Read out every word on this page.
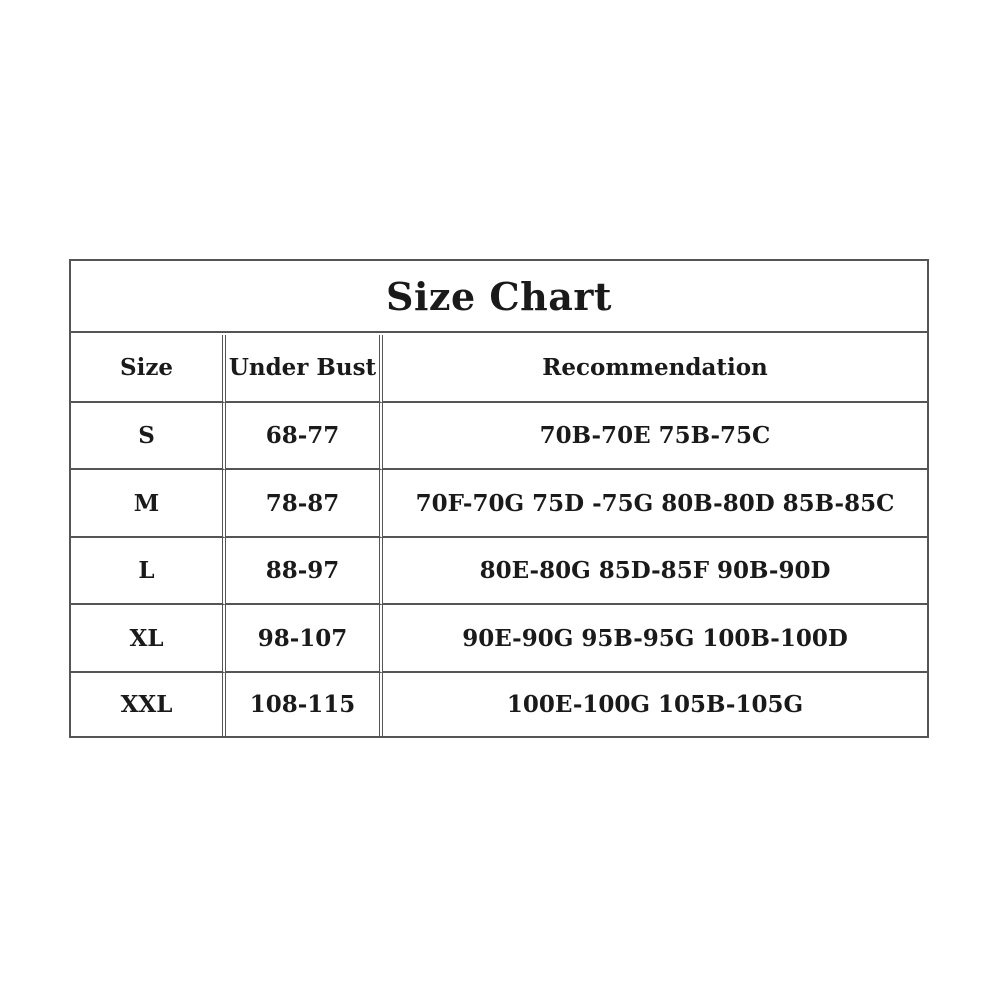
Size Chart
Size	Under Bust	Recommendation
S	68-77	70B-70E 75B-75C
M	78-87	70F-70G 75D -75G 80B-80D 85B-85C
L	88-97	80E-80G 85D-85F 90B-90D
XL	98-107	90E-90G 95B-95G 100B-100D
XXL	108-115	100E-100G 105B-105G
